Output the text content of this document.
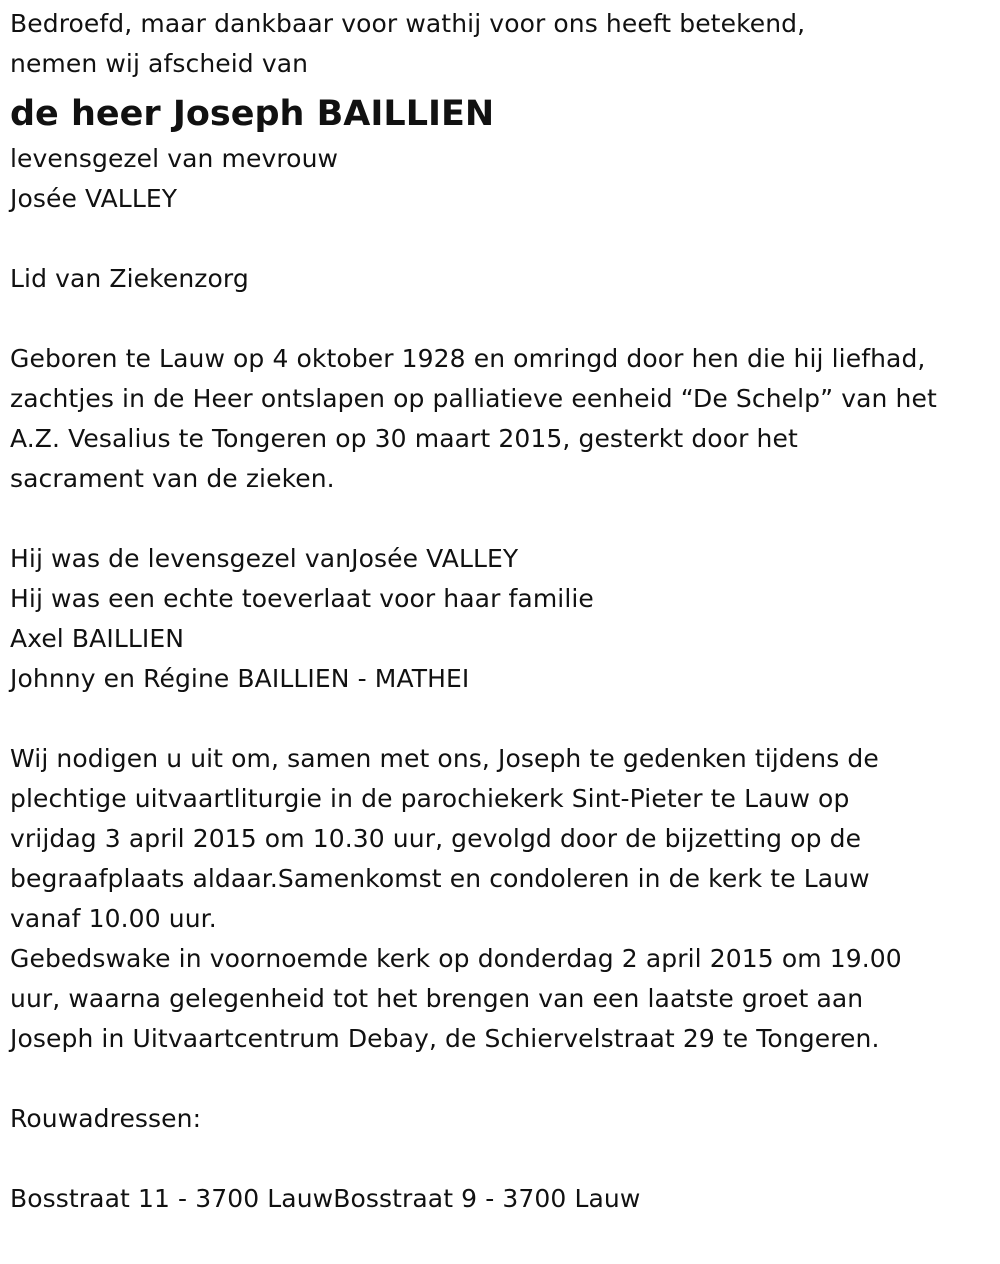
Bedroefd, maar dankbaar voor wathij voor ons heeft betekend,
nemen wij afscheid van
de heer Joseph BAILLIEN
levensgezel van mevrouw
Josée VALLEY
Lid van Ziekenzorg
Geboren te Lauw op 4 oktober 1928 en omringd door hen die hij liefhad,
zachtjes in de Heer ontslapen op palliatieve eenheid “De Schelp” van het
A.Z. Vesalius te Tongeren op 30 maart 2015, gesterkt door het
sacrament van de zieken.
Hij was de levensgezel vanJosée VALLEY
Hij was een echte toeverlaat voor haar familie
Axel BAILLIEN
Johnny en Régine BAILLIEN - MATHEI
Wij nodigen u uit om, samen met ons, Joseph te gedenken tijdens de
plechtige uitvaartliturgie in de parochiekerk Sint-Pieter te Lauw op
vrijdag 3 april 2015 om 10.30 uur, gevolgd door de bijzetting op de
begraafplaats aldaar.Samenkomst en condoleren in de kerk te Lauw
vanaf 10.00 uur.
Gebedswake in voornoemde kerk op donderdag 2 april 2015 om 19.00
uur, waarna gelegenheid tot het brengen van een laatste groet aan
Joseph in Uitvaartcentrum Debay, de Schiervelstraat 29 te Tongeren.
Rouwadressen:
Bosstraat 11 - 3700 LauwBosstraat 9 - 3700 Lauw
